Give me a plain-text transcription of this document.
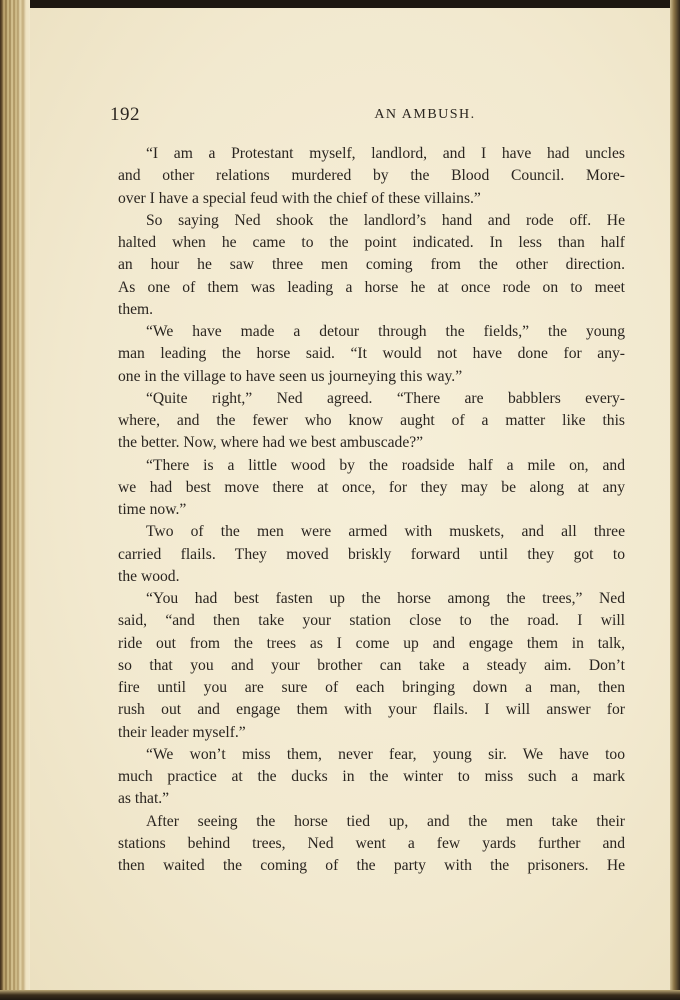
192	AN AMBUSH.
“I am a Protestant myself, landlord, and I have had uncles
and other relations murdered by the Blood Council. More-
over I have a special feud with the chief of these villains.”
So saying Ned shook the landlord’s hand and rode off. He
halted when he came to the point indicated. In less than half
an hour he saw three men coming from the other direction.
As one of them was leading a horse he at once rode on to meet
them.
“We have made a detour through the fields,” the young
man leading the horse said. “It would not have done for any-
one in the village to have seen us journeying this way.”
“Quite right,” Ned agreed. “There are babblers every-
where, and the fewer who know aught of a matter like this
the better. Now, where had we best ambuscade?”
“There is a little wood by the roadside half a mile on, and
we had best move there at once, for they may be along at any
time now.”
Two of the men were armed with muskets, and all three
carried flails. They moved briskly forward until they got to
the wood.
“You had best fasten up the horse among the trees,” Ned
said, “and then take your station close to the road. I will
ride out from the trees as I come up and engage them in talk,
so that you and your brother can take a steady aim. Don’t
fire until you are sure of each bringing down a man, then
rush out and engage them with your flails. I will answer for
their leader myself.”
“We won’t miss them, never fear, young sir. We have too
much practice at the ducks in the winter to miss such a mark
as that.”
After seeing the horse tied up, and the men take their
stations behind trees, Ned went a few yards further and
then waited the coming of the party with the prisoners. He
